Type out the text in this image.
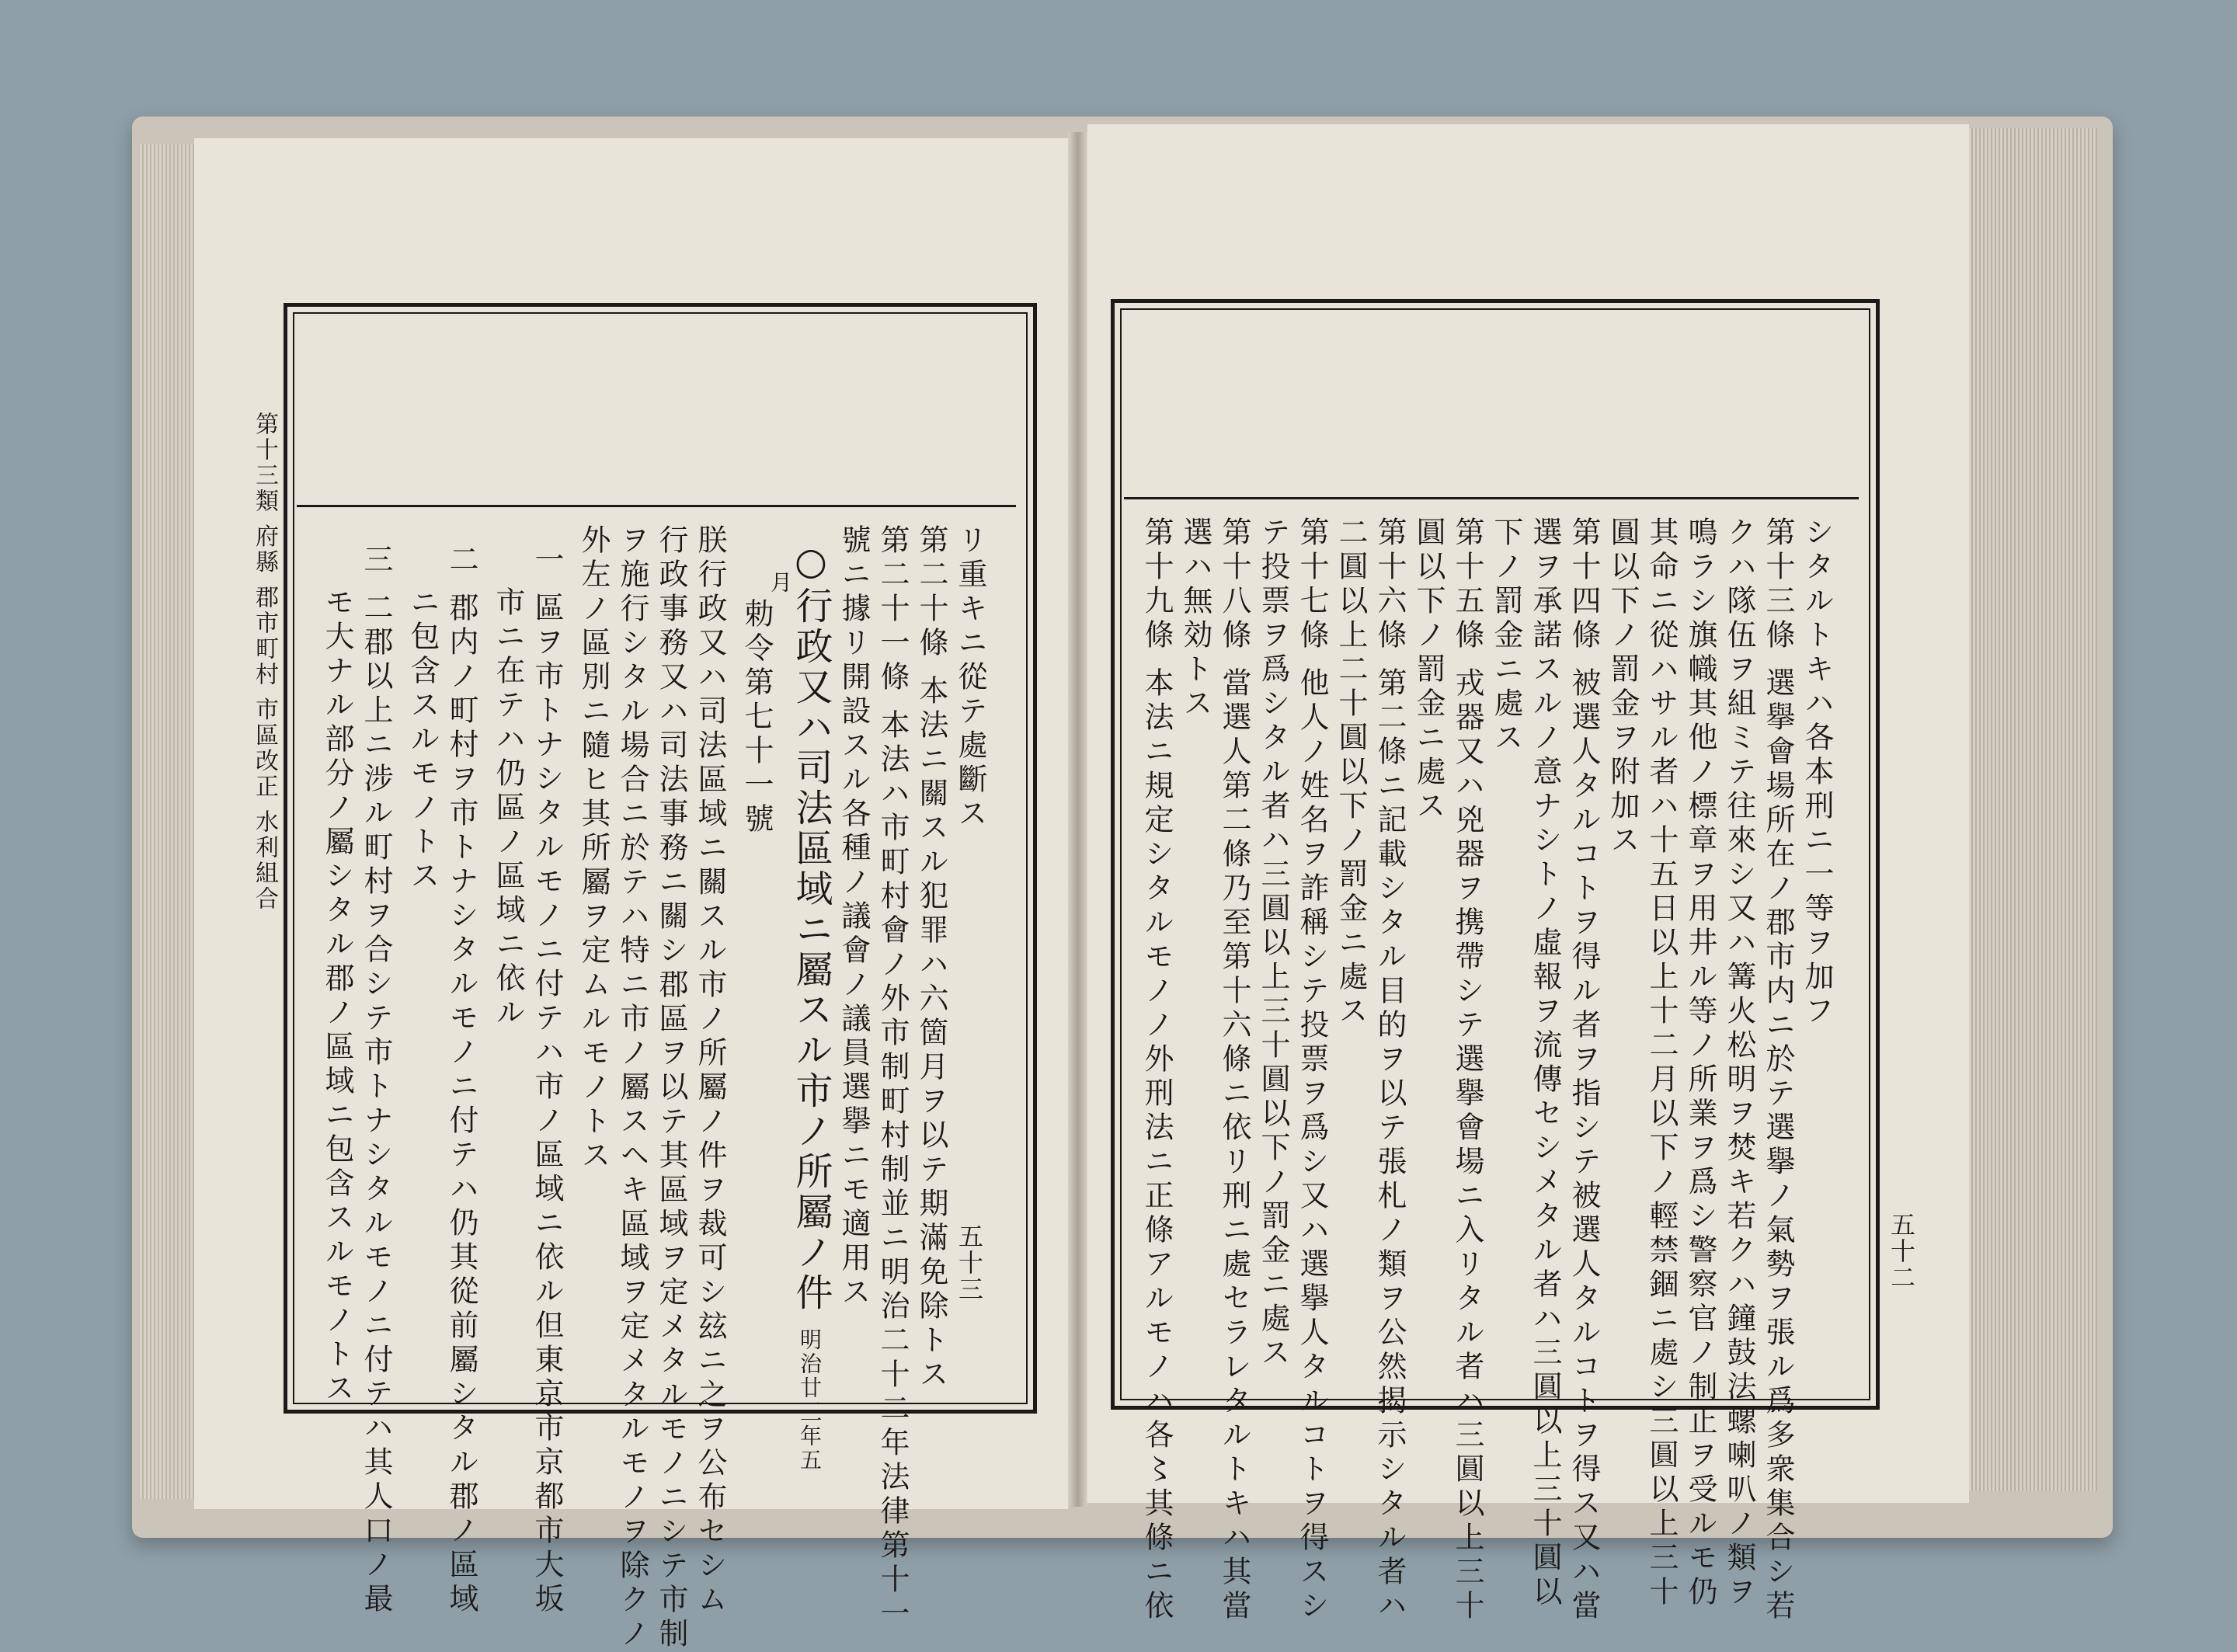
第十三類 府縣 郡市町村 市區改正 水利組合
五十三	五十二
リ重キニ從テ處斷ス
第二十條 本法ニ關スル犯罪ハ六箇月ヲ以テ期滿免除トス
第二十一條 本法ハ市町村會ノ外市制町村制並ニ明治二十二年法律第十一
號ニ據リ開設スル各種ノ議會ノ議員選擧ニモ適用ス
○行政又ハ司法區域ニ屬スル市ノ所屬ノ件
明治廿三年五
月
勅令第七十一號
朕行政又ハ司法區域ニ關スル市ノ所屬ノ件ヲ裁可シ玆ニ之ヲ公布セシム
行政事務又ハ司法事務ニ關シ郡區ヲ以テ其區域ヲ定メタルモノニシテ市制
ヲ施行シタル場合ニ於テハ特ニ市ノ屬スヘキ區域ヲ定メタルモノヲ除クノ
外左ノ區別ニ隨ヒ其所屬ヲ定ムルモノトス
一 區ヲ市トナシタルモノニ付テハ市ノ區域ニ依ル但東京市京都市大坂
市ニ在テハ仍區ノ區域ニ依ル
二 郡内ノ町村ヲ市トナシタルモノニ付テハ仍其從前屬シタル郡ノ區域
ニ包含スルモノトス
三 二郡以上ニ涉ル町村ヲ合シテ市トナシタルモノニ付テハ其人口ノ最
モ大ナル部分ノ屬シタル郡ノ區域ニ包含スルモノトス	シタルトキハ各本刑ニ一等ヲ加フ
第十三條 選擧會場所在ノ郡市内ニ於テ選擧ノ氣勢ヲ張ル爲多衆集合シ若
クハ隊伍ヲ組ミテ往來シ又ハ篝火松明ヲ焚キ若クハ鐘鼓法螺喇叭ノ類ヲ
鳴ラシ旗幟其他ノ標章ヲ用井ル等ノ所業ヲ爲シ警察官ノ制止ヲ受ルモ仍
其命ニ從ハサル者ハ十五日以上十二月以下ノ輕禁錮ニ處シ三圓以上三十
圓以下ノ罰金ヲ附加ス
第十四條 被選人タルコトヲ得ル者ヲ指シテ被選人タルコトヲ得ス又ハ當
選ヲ承諾スルノ意ナシトノ虛報ヲ流傳セシメタル者ハ三圓以上三十圓以
下ノ罰金ニ處ス
第十五條 戎器又ハ兇器ヲ携帶シテ選擧會場ニ入リタル者ハ三圓以上三十
圓以下ノ罰金ニ處ス
第十六條 第二條ニ記載シタル目的ヲ以テ張札ノ類ヲ公然揭示シタル者ハ
二圓以上二十圓以下ノ罰金ニ處ス
第十七條 他人ノ姓名ヲ詐稱シテ投票ヲ爲シ又ハ選擧人タルコトヲ得スシ
テ投票ヲ爲シタル者ハ三圓以上三十圓以下ノ罰金ニ處ス
第十八條 當選人第二條乃至第十六條ニ依リ刑ニ處セラレタルトキハ其當
選ハ無効トス
第十九條 本法ニ規定シタルモノノ外刑法ニ正條アルモノハ各〻其條ニ依
